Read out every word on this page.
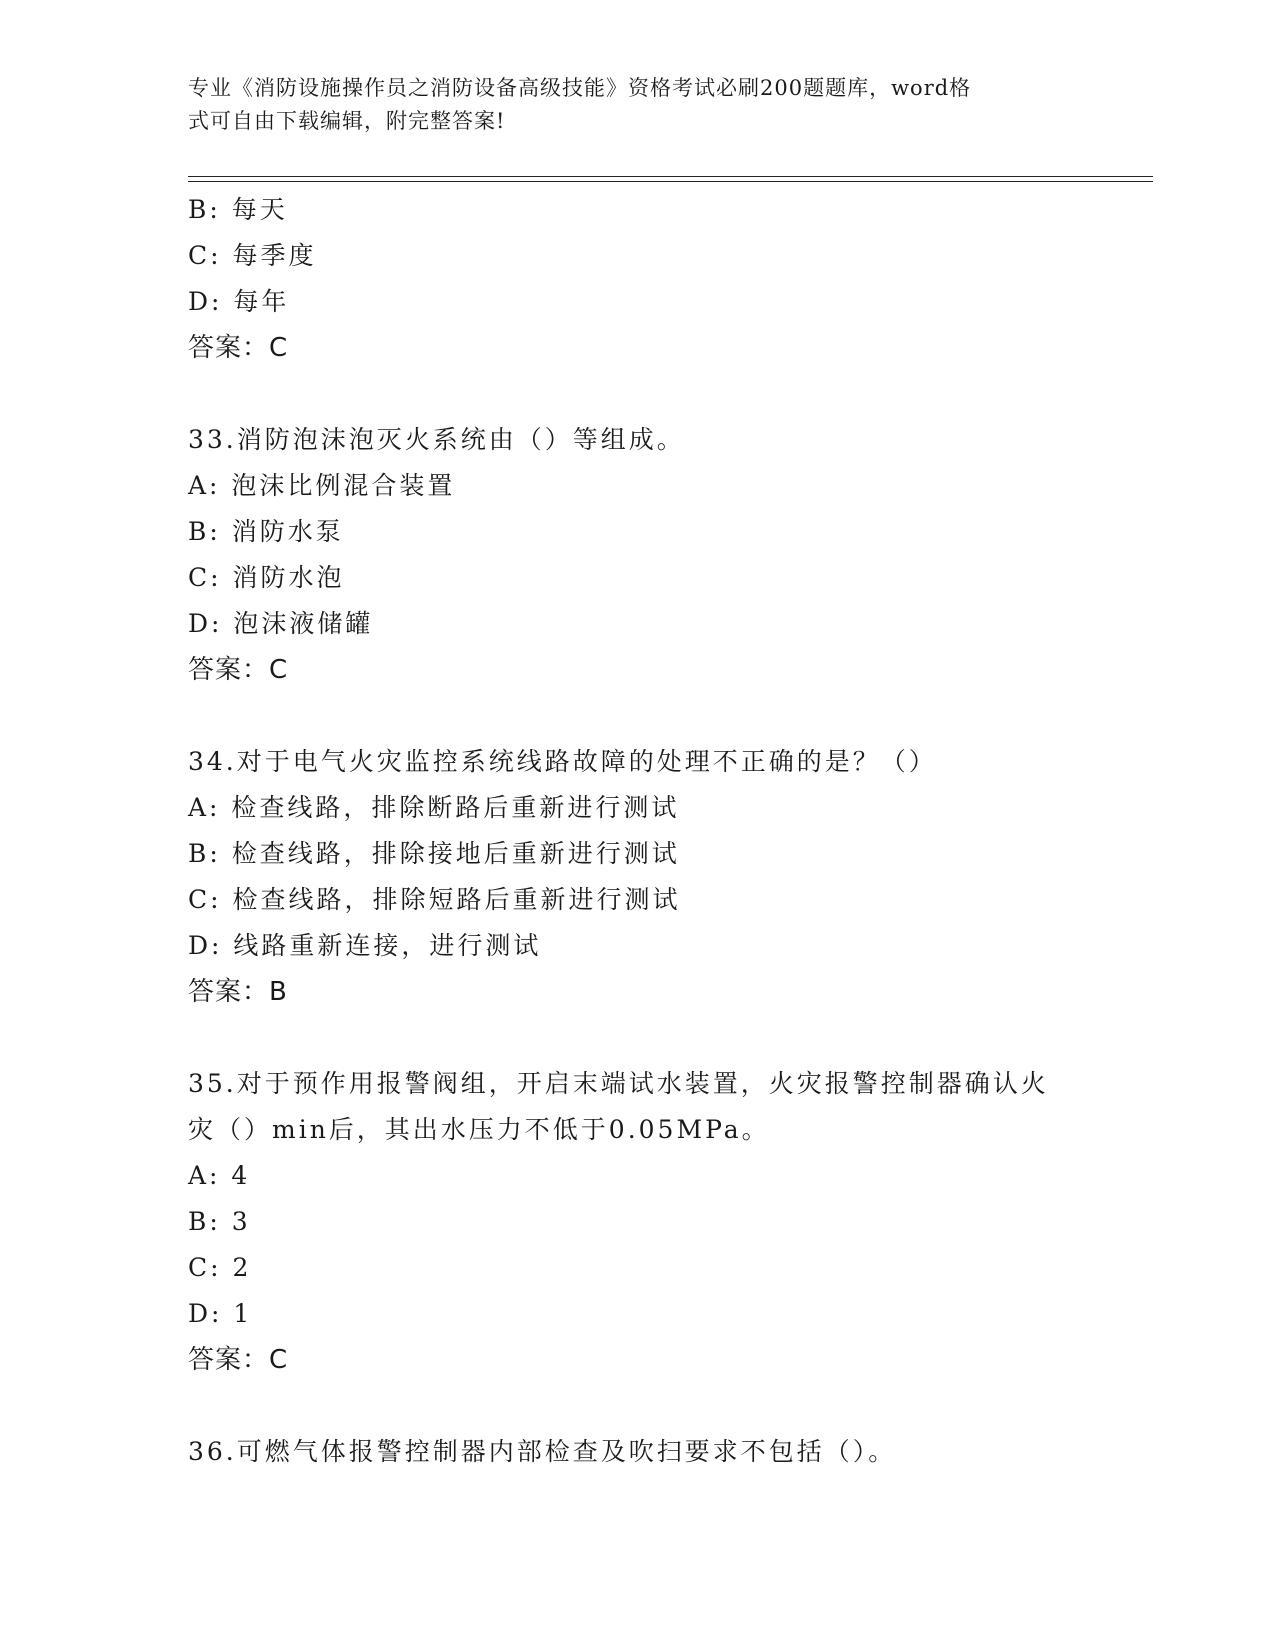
专业《消防设施操作员之消防设备高级技能》资格考试必刷200题题库，word格
式可自由下载编辑，附完整答案!
B: 每天
C: 每季度
D: 每年
答案：C
33.消防泡沫泡灭火系统由（）等组成。
A: 泡沫比例混合装置
B: 消防水泵
C: 消防水泡
D: 泡沫液储罐
答案：C
34.对于电气火灾监控系统线路故障的处理不正确的是？（）
A: 检查线路，排除断路后重新进行测试
B: 检查线路，排除接地后重新进行测试
C: 检查线路，排除短路后重新进行测试
D: 线路重新连接，进行测试
答案：B
35.对于预作用报警阀组，开启末端试水装置，火灾报警控制器确认火
灾（）min后，其出水压力不低于0.05MPa。
A: 4
B: 3
C: 2
D: 1
答案：C
36.可燃气体报警控制器内部检查及吹扫要求不包括（）。
